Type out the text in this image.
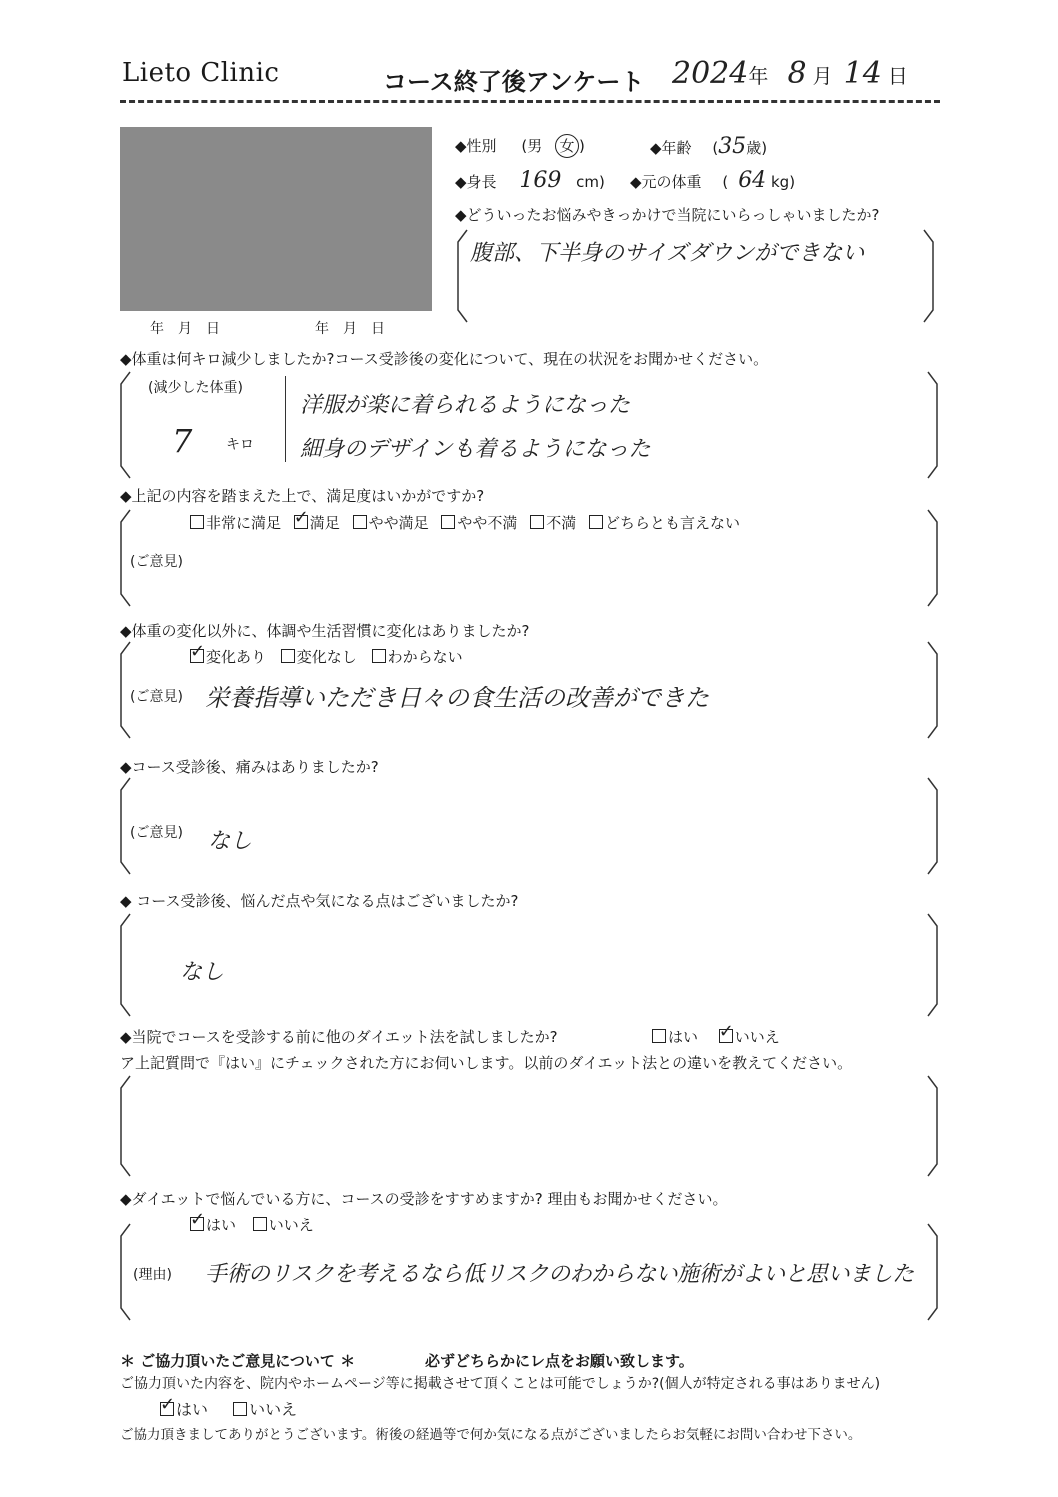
Lieto Clinic	コース終了後アンケート 2024年 8 月 14 日
年　月　日	年　月　日
◆性別 (男 女 )	◆年齢 (35歳)
◆身長 169 cm) ◆元の体重 ( 64 kg)
◆どういったお悩みやきっかけで当院にいらっしゃいましたか?
腹部、下半身のサイズダウンができない
◆体重は何キロ減少しましたか?コース受診後の変化について、現在の状況をお聞かせください。
(減少した体重)
7 キロ
洋服が楽に着られるようになった
細身のデザインも着るようになった
◆上記の内容を踏まえた上で、満足度はいかがですか?
非常に満足 ✓ 満足 やや満足 やや不満 不満 どちらとも言えない
(ご意見)
◆体重の変化以外に、体調や生活習慣に変化はありましたか?
✓変化あり 変化なし わからない
(ご意見) 栄養指導いただき日々の食生活の改善ができた
◆コース受診後、痛みはありましたか?
(ご意見) なし
◆ コース受診後、悩んだ点や気になる点はございましたか?
なし
◆当院でコースを受診する前に他のダイエット法を試しましたか?	はい ✓ いいえ
ア上記質問で『はい』にチェックされた方にお伺いします。以前のダイエット法との違いを教えてください。
◆ダイエットで悩んでいる方に、コースの受診をすすめますか? 理由もお聞かせください。
✓はい いいえ
(理由) 手術のリスクを考えるなら低リスクのわからない施術がよいと思いました
＊ ご協力頂いたご意見について ＊	必ずどちらかにレ点をお願い致します。
ご協力頂いた内容を、院内やホームページ等に掲載させて頂くことは可能でしょうか?(個人が特定される事はありません)
✓はい	いいえ
ご協力頂きましてありがとうございます。術後の経過等で何か気になる点がございましたらお気軽にお問い合わせ下さい。
